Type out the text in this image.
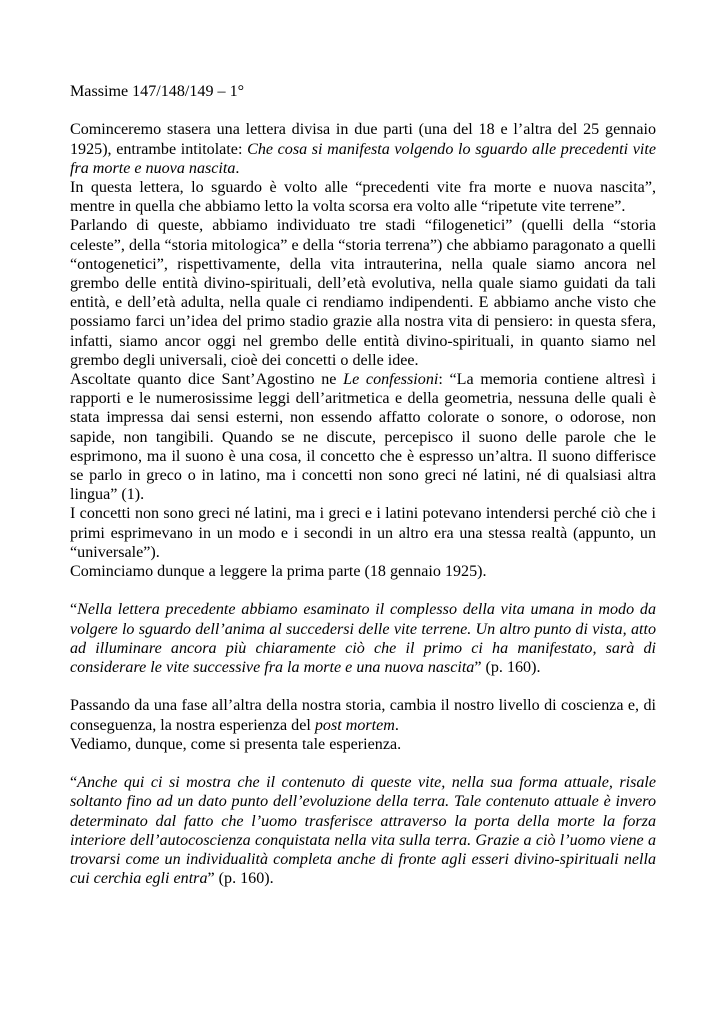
Massime 147/148/149 – 1°

Cominceremo stasera una lettera divisa in due parti (una del 18 e l’altra del 25 gennaio 1925), entrambe intitolate: Che cosa si manifesta volgendo lo sguardo alle precedenti vite fra morte e nuova nascita.

In questa lettera, lo sguardo è volto alle “precedenti vite fra morte e nuova nascita”, mentre in quella che abbiamo letto la volta scorsa era volto alle “ripetute vite terrene”.

Parlando di queste, abbiamo individuato tre stadi “filogenetici” (quelli della “storia celeste”, della “storia mitologica” e della “storia terrena”) che abbiamo paragonato a quelli “ontogenetici”, rispettivamente, della vita intrauterina, nella quale siamo ancora nel grembo delle entità divino-spirituali, dell’età evolutiva, nella quale siamo guidati da tali entità, e dell’età adulta, nella quale ci rendiamo indipendenti. E abbiamo anche visto che possiamo farci un’idea del primo stadio grazie alla nostra vita di pensiero: in questa sfera, infatti, siamo ancor oggi nel grembo delle entità divino-spirituali, in quanto siamo nel grembo degli universali, cioè dei concetti o delle idee.

Ascoltate quanto dice Sant’Agostino ne Le confessioni: “La memoria contiene altresì i rapporti e le numerosissime leggi dell’aritmetica e della geometria, nessuna delle quali è stata impressa dai sensi esterni, non essendo affatto colorate o sonore, o odorose, non sapide, non tangibili. Quando se ne discute, percepisco il suono delle parole che le esprimono, ma il suono è una cosa, il concetto che è espresso un’altra. Il suono differisce se parlo in greco o in latino, ma i concetti non sono greci né latini, né di qualsiasi altra lingua” (1).

I concetti non sono greci né latini, ma i greci e i latini potevano intendersi perché ciò che i primi esprimevano in un modo e i secondi in un altro era una stessa realtà (appunto, un “universale”).

Cominciamo dunque a leggere la prima parte (18 gennaio 1925).

“Nella lettera precedente abbiamo esaminato il complesso della vita umana in modo da volgere lo sguardo dell’anima al succedersi delle vite terrene. Un altro punto di vista, atto ad illuminare ancora più chiaramente ciò che il primo ci ha manifestato, sarà di considerare le vite successive fra la morte e una nuova nascita” (p. 160).

Passando da una fase all’altra della nostra storia, cambia il nostro livello di coscienza e, di conseguenza, la nostra esperienza del post mortem.

Vediamo, dunque, come si presenta tale esperienza.

“Anche qui ci si mostra che il contenuto di queste vite, nella sua forma attuale, risale soltanto fino ad un dato punto dell’evoluzione della terra. Tale contenuto attuale è invero determinato dal fatto che l’uomo trasferisce attraverso la porta della morte la forza interiore dell’autocoscienza conquistata nella vita sulla terra. Grazie a ciò l’uomo viene a trovarsi come un individualità completa anche di fronte agli esseri divino-spirituali nella cui cerchia egli entra” (p. 160).
